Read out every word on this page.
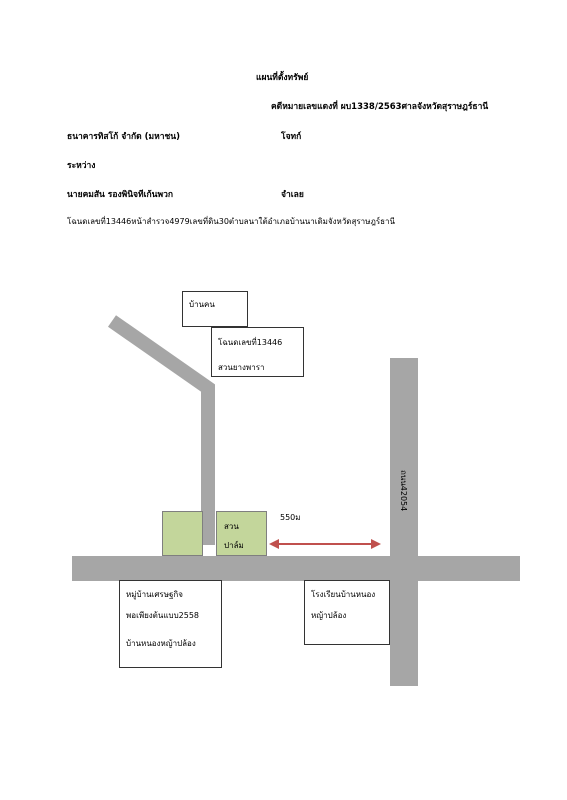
แผนที่ตั้งทรัพย์
คดีหมายเลขแดงที่ ผบ1338/2563ศาลจังหวัดสุราษฎร์ธานี
ธนาคารทิสโก้ จำกัด (มหาชน)	โจทก์
ระหว่าง
นายคมสัน รองพินิจทีเก้นพวก	จำเลย
โฉนดเลขที่13446หน้าสำรวจ4979เลขที่ดิน30ตำบลนาใต้อำเภอบ้านนาเดิมจังหวัดสุราษฎร์ธานี
ถนน42054
บ้านคน
โฉนดเลขที่13446
สวนยางพารา
สวน
ปาล์ม
550ม
หมู่บ้านเศรษฐกิจ
พอเพียงต้นแบบ2558
บ้านหนองหญ้าปล้อง
โรงเรียนบ้านหนอง
หญ้าปล้อง
